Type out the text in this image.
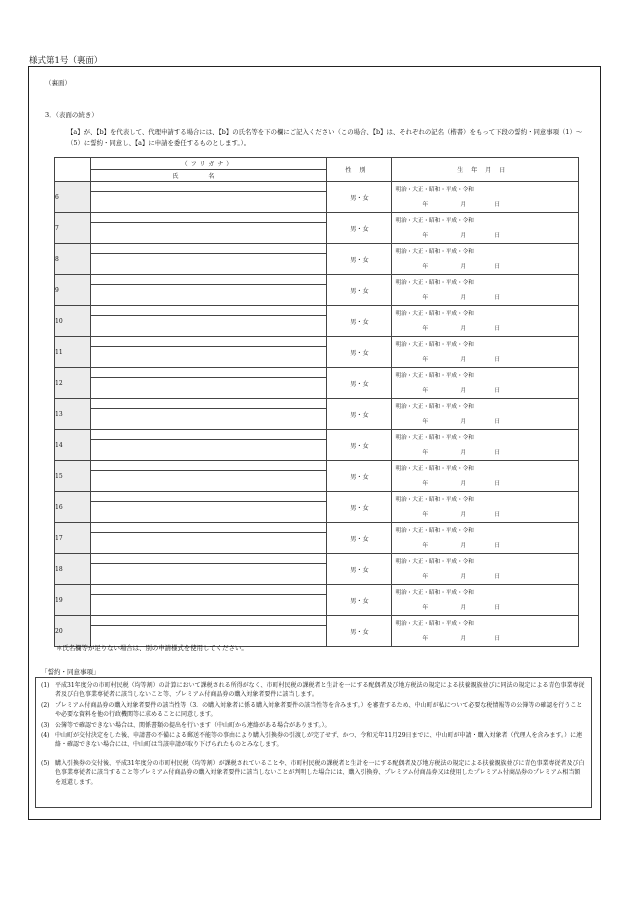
様式第1号（裏面）
（裏面）
3．（表面の続き）
【a】が、【b】を代表して、代理申請する場合には、【b】の氏名等を下の欄にご記入ください（この場合、【b】は、それぞれの記名（楷書）をもって下段の誓約・同意事項（1）～（5）に誓約・同意し、【a】に申請を委任するものとします。）。
	（フリガナ）	性別	生年月日
	氏名		
6		男・女	明治・大正・昭和・平成・令和
年 月 日

7		男・女	明治・大正・昭和・平成・令和
年 月 日

8		男・女	明治・大正・昭和・平成・令和
年 月 日

9		男・女	明治・大正・昭和・平成・令和
年 月 日

10		男・女	明治・大正・昭和・平成・令和
年 月 日

11		男・女	明治・大正・昭和・平成・令和
年 月 日

12		男・女	明治・大正・昭和・平成・令和
年 月 日

13		男・女	明治・大正・昭和・平成・令和
年 月 日

14		男・女	明治・大正・昭和・平成・令和
年 月 日

15		男・女	明治・大正・昭和・平成・令和
年 月 日

16		男・女	明治・大正・昭和・平成・令和
年 月 日

17		男・女	明治・大正・昭和・平成・令和
年 月 日

18		男・女	明治・大正・昭和・平成・令和
年 月 日

19		男・女	明治・大正・昭和・平成・令和
年 月 日

20		男・女	明治・大正・昭和・平成・令和
年 月 日

＊氏名欄等が足りない場合は、別の申請様式を使用してください。
「誓約・同意事項」
(1) 平成31年度分の市町村民税（均等割）の計算において課税される所得がなく、市町村民税の課税者と生計を一にする配偶者及び地方税法の規定による扶養親族並びに同法の規定による青色事業専従者及び白色事業専従者に該当しないこと等、プレミアム付商品券の購入対象者要件に該当します。
(2) プレミアム付商品券の購入対象者要件の該当性等（3．の購入対象者に係る購入対象者要件の該当性等を含みます。）を審査するため、中山町が私について必要な税情報等の公簿等の確認を行うことや必要な資料を他の行政機関等に求めることに同意します。
(3) 公簿等で確認できない場合は、関係書類の提出を行います（中山町から連絡がある場合があります。）。
(4) 中山町が交付決定をした後、申請書の不備による郵送不能等の事由により購入引換券の引渡しが完了せず、かつ、令和元年11月29日までに、中山町が申請・購入対象者（代理人を含みます。）に連絡・確認できない場合には、中山町は当該申請が取り下げられたものとみなします。
(5) 購入引換券の交付後、平成31年度分の市町村民税（均等割）が課税されていることや、市町村民税の課税者と生計を一にする配偶者及び地方税法の規定による扶養親族並びに青色事業専従者及び白色事業専従者に該当すること等プレミアム付商品券の購入対象者要件に該当しないことが判明した場合には、購入引換券、プレミアム付商品券又は使用したプレミアム付商品券のプレミアム相当額を返還します。
